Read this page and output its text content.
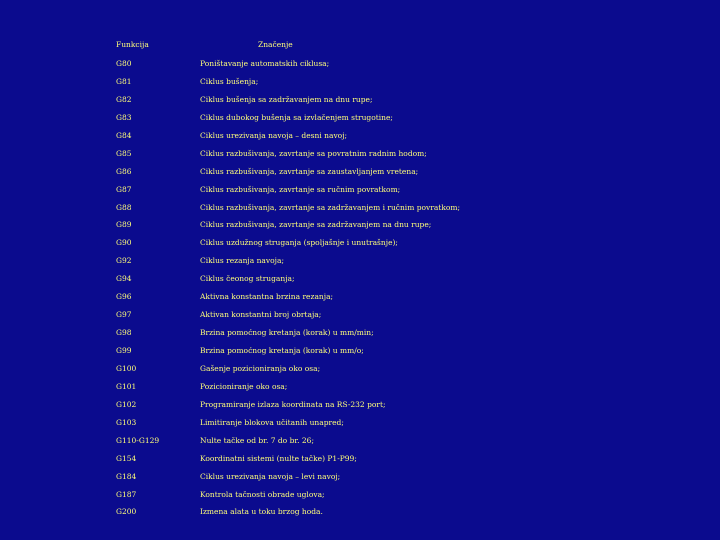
Funkcija	Značenje
G80	Poništavanje automatskih ciklusa;
G81	Ciklus bušenja;
G82	Ciklus bušenja sa zadržavanjem na dnu rupe;
G83	Ciklus dubokog bušenja sa izvlačenjem strugotine;
G84	Ciklus urezivanja navoja – desni navoj;
G85	Ciklus razbušivanja, zavrtanje sa povratnim radnim hodom;
G86	Ciklus razbušivanja, zavrtanje sa zaustavljanjem vretena;
G87	Ciklus razbušivanja, zavrtanje sa ručnim povratkom;
G88	Ciklus razbušivanja, zavrtanje sa zadržavanjem i ručnim povratkom;
G89	Ciklus razbušivanja, zavrtanje sa zadržavanjem na dnu rupe;
G90	Ciklus uzdužnog struganja (spoljašnje i unutrašnje);
G92	Ciklus rezanja navoja;
G94	Ciklus čeonog struganja;
G96	Aktivna konstantna brzina rezanja;
G97	Aktivan konstantni broj obrtaja;
G98	Brzina pomoćnog kretanja (korak) u mm/min;
G99	Brzina pomoćnog kretanja (korak) u mm/o;
G100	Gašenje pozicioniranja oko osa;
G101	Pozicioniranje oko osa;
G102	Programiranje izlaza koordinata na RS-232 port;
G103	Limitiranje blokova učitanih unapred;
G110-G129	Nulte tačke od br. 7 do br. 26;
G154	Koordinatni sistemi (nulte tačke) P1-P99;
G184	Ciklus urezivanja navoja – levi navoj;
G187	Kontrola tačnosti obrade uglova;
G200	Izmena alata u toku brzog hoda.
